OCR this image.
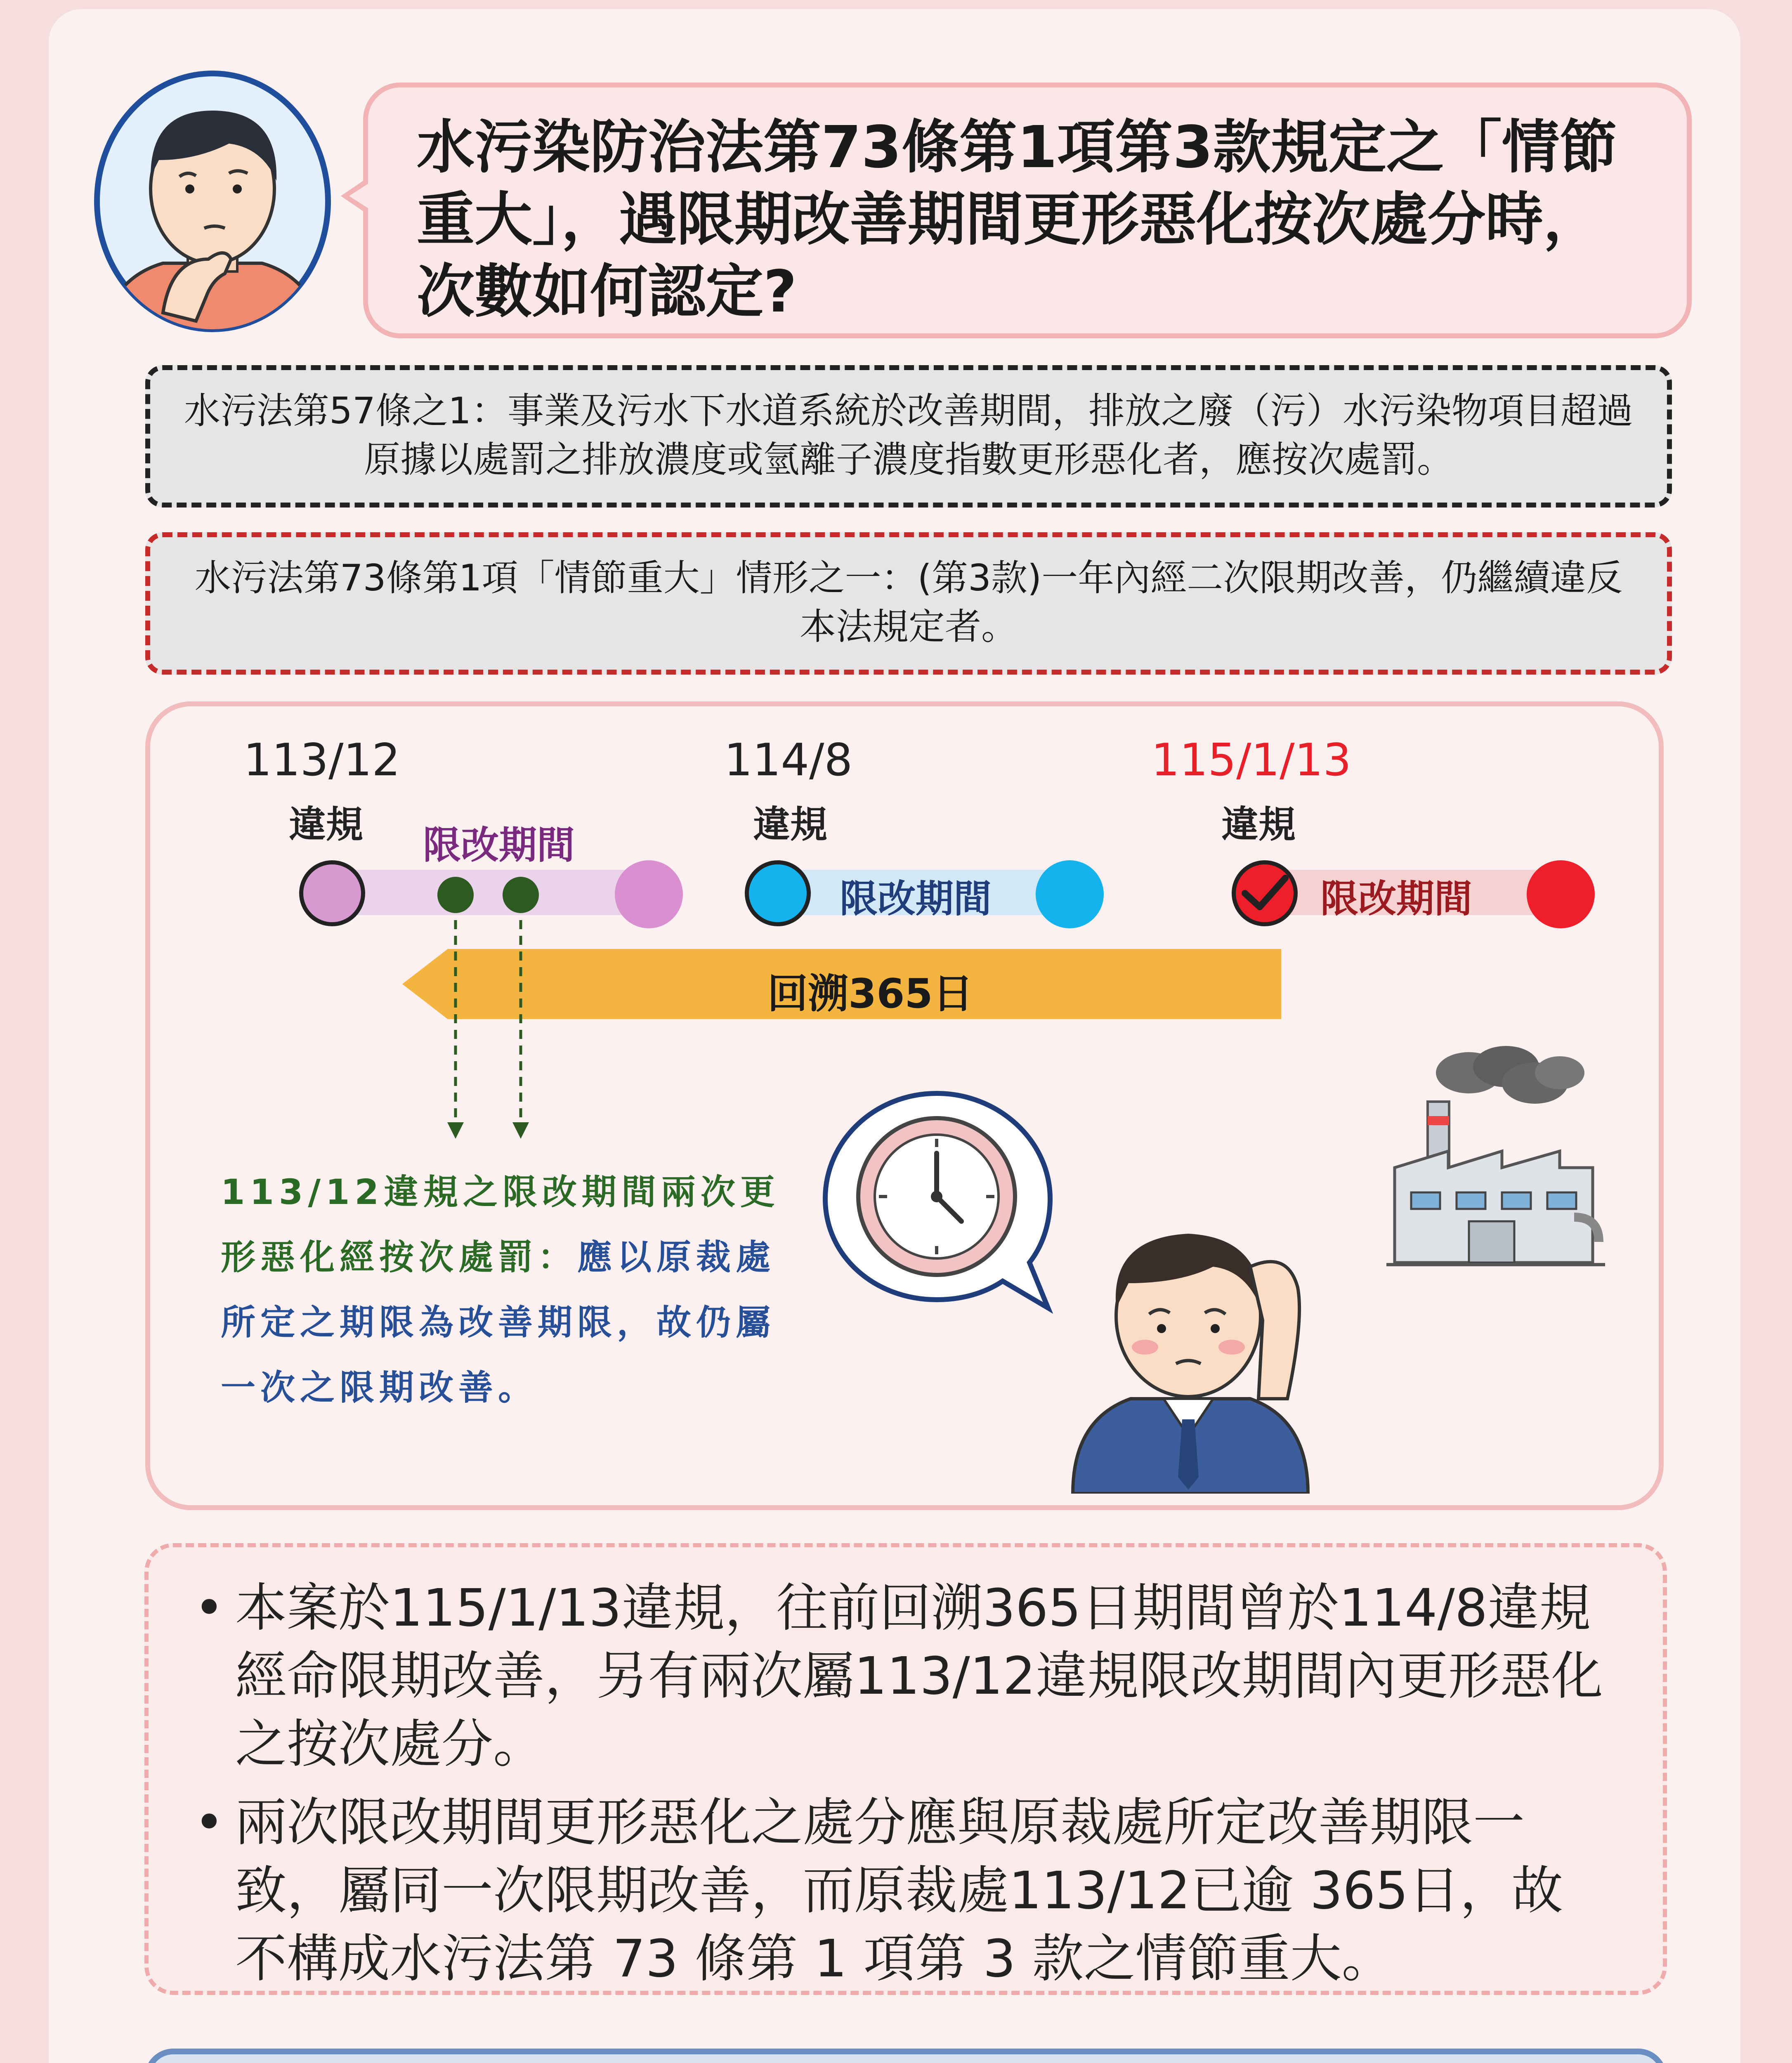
水污染防治法第73條第1項第3款規定之「情節重大」，遇限期改善期間更形惡化按次處分時，次數如何認定?
水污法第57條之1：事業及污水下水道系統於改善期間，排放之廢（污）水污染物項目超過原據以處罰之排放濃度或氫離子濃度指數更形惡化者，應按次處罰。
水污法第73條第1項「情節重大」情形之一：(第3款)一年內經二次限期改善，仍繼續違反本法規定者。
113/12	114/8	115/1/13
違規	違規	違規
限改期間
限改期間	限改期間
回溯365日
113/12違規之限改期間兩次更形惡化經按次處罰：應以原裁處所定之期限為改善期限，故仍屬一次之限期改善。
• 本案於115/1/13違規，往前回溯365日期間曾於114/8違規經命限期改善，另有兩次屬113/12違規限改期間內更形惡化之按次處分。
• 兩次限改期間更形惡化之處分應與原裁處所定改善期限一致，屬同一次限期改善，而原裁處113/12已逾 365日，故不構成水污法第 73 條第 1 項第 3 款之情節重大。
